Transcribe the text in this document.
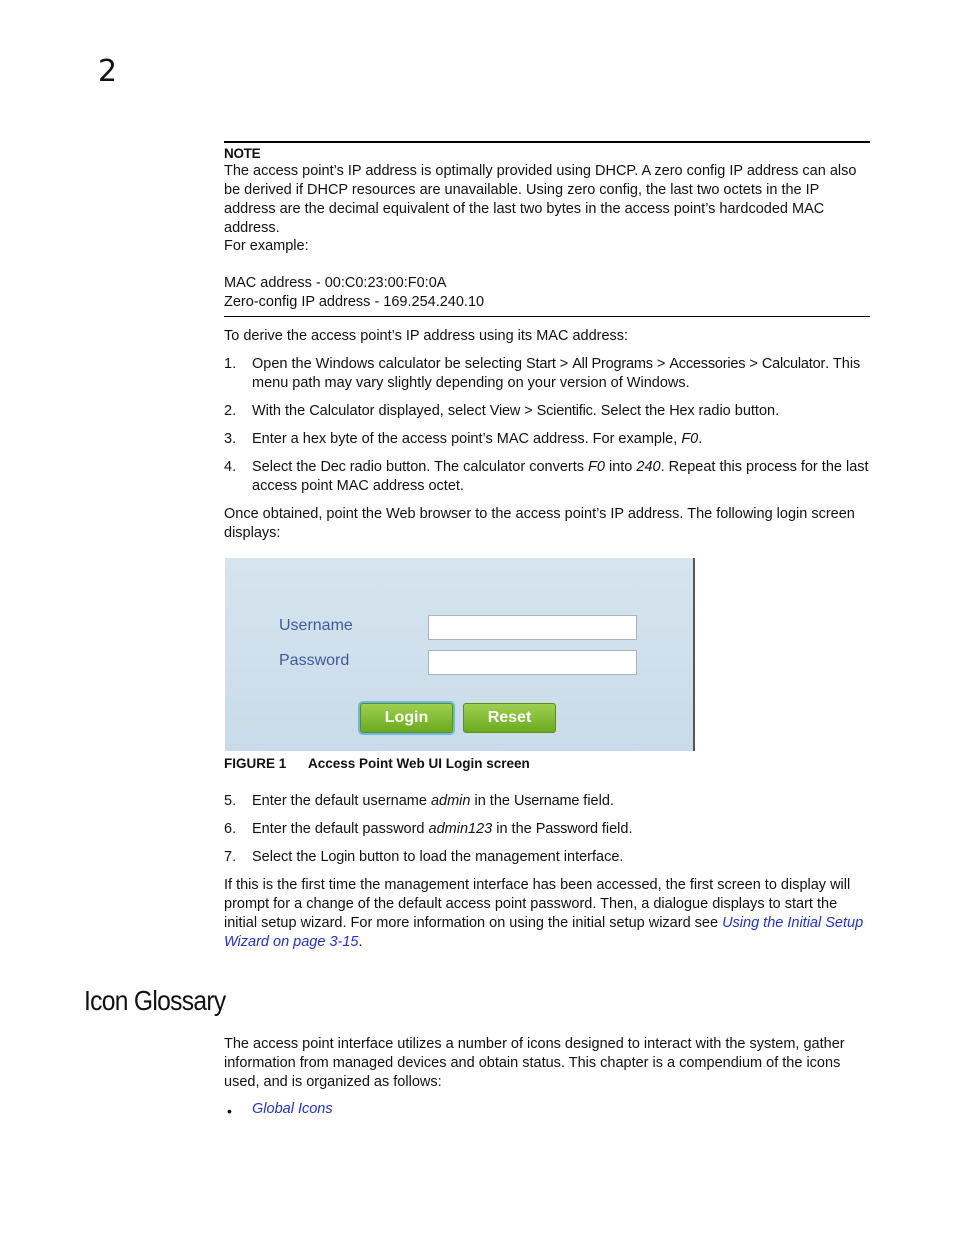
2
NOTE
The access point’s IP address is optimally provided using DHCP. A zero config IP address can also be derived if DHCP resources are unavailable. Using zero config, the last two octets in the IP address are the decimal equivalent of the last two bytes in the access point’s hardcoded MAC address.
For example:
MAC address - 00:C0:23:00:F0:0A
Zero-config IP address - 169.254.240.10
To derive the access point’s IP address using its MAC address:
1. Open the Windows calculator be selecting Start > All Programs > Accessories > Calculator. This menu path may vary slightly depending on your version of Windows.
2. With the Calculator displayed, select View > Scientific. Select the Hex radio button.
3. Enter a hex byte of the access point’s MAC address. For example, F0.
4. Select the Dec radio button. The calculator converts F0 into 240. Repeat this process for the last access point MAC address octet.
Once obtained, point the Web browser to the access point’s IP address. The following login screen displays:
Username
Password
Login	Reset
FIGURE 1 Access Point Web UI Login screen
5. Enter the default username admin in the Username field.
6. Enter the default password admin123 in the Password field.
7. Select the Login button to load the management interface.
If this is the first time the management interface has been accessed, the first screen to display will prompt for a change of the default access point password. Then, a dialogue displays to start the initial setup wizard. For more information on using the initial setup wizard see Using the Initial Setup Wizard on page 3-15.
Icon Glossary
The access point interface utilizes a number of icons designed to interact with the system, gather information from managed devices and obtain status. This chapter is a compendium of the icons used, and is organized as follows:
• Global Icons
